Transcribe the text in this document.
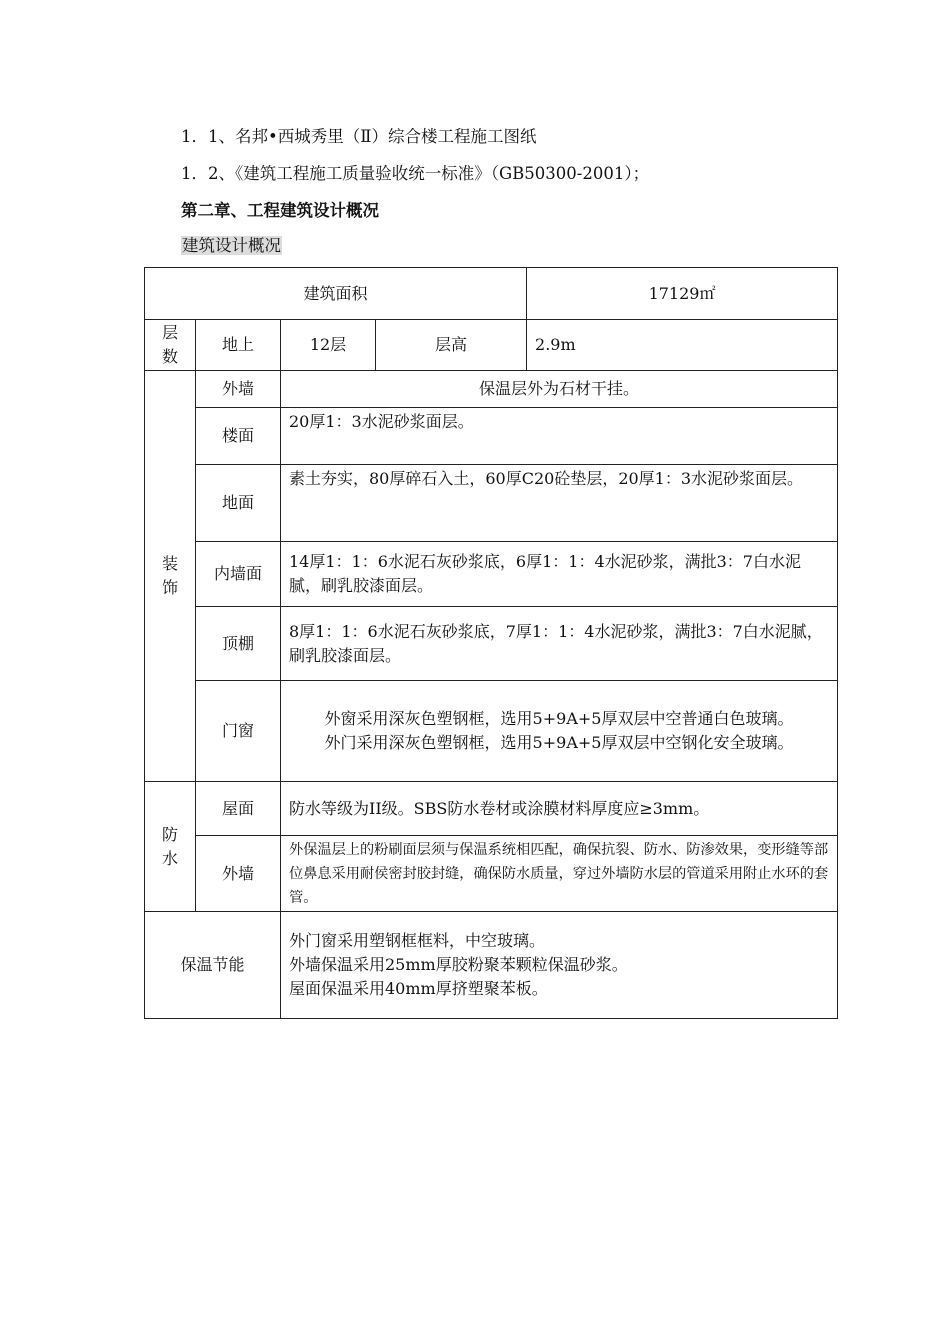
1．1、名邦•西城秀里（Ⅱ）综合楼工程施工图纸
1．2、《建筑工程施工质量验收统一标准》（GB50300-2001）；
第二章、工程建筑设计概况
建筑设计概况
建筑面积				17129㎡
层数	地上	12层	层高	2.9m
装饰	外墙	保温层外为石材干挂。		
	楼面	20厚1：3水泥砂浆面层。		
	地面	素土夯实，80厚碎石入土，60厚C20砼垫层，20厚1：3水泥砂浆面层。		
	内墙面	14厚1：1：6水泥石灰砂浆底，6厚1：1：4水泥砂浆，满批3：7白水泥腻，刷乳胶漆面层。		
	顶棚	8厚1：1：6水泥石灰砂浆底，7厚1：1：4水泥砂浆，满批3：7白水泥腻，刷乳胶漆面层。		
	门窗	外窗采用深灰色塑钢框，选用5+9A+5厚双层中空普通白色玻璃。
外门采用深灰色塑钢框，选用5+9A+5厚双层中空钢化安全玻璃。		

防水	屋面	防水等级为II级。SBS防水卷材或涂膜材料厚度应≥3mm。		
	外墙	外保温层上的粉刷面层须与保温系统相匹配，确保抗裂、防水、防渗效果，变形缝等部位鼻息采用耐侯密封胶封缝，确保防水质量，穿过外墙防水层的管道采用附止水环的套管。		
保温节能		外门窗采用塑钢框框料，中空玻璃。
外墙保温采用25mm厚胶粉聚苯颗粒保温砂浆。
屋面保温采用40mm厚挤塑聚苯板。		
